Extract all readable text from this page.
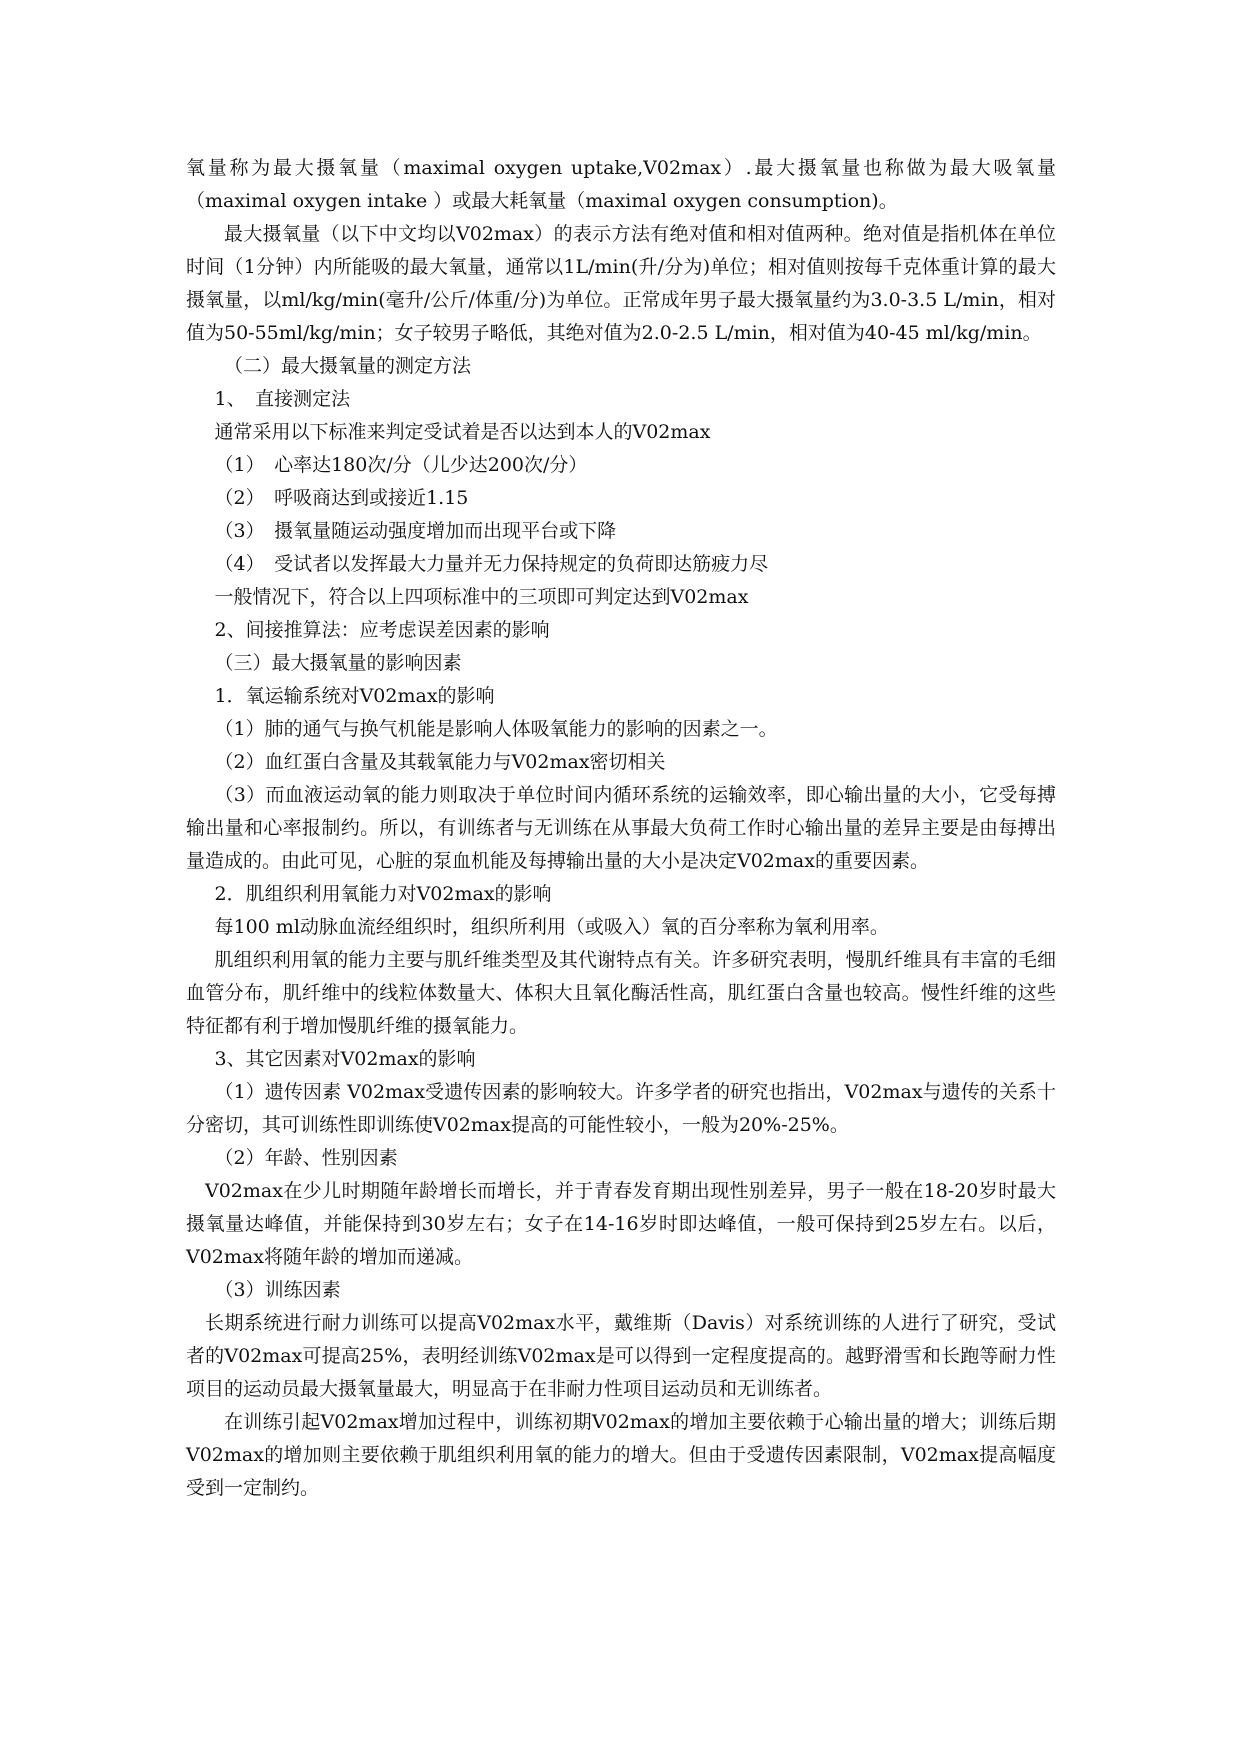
氧量称为最大摄氧量（maximal oxygen uptake,V02max）.最大摄氧量也称做为最大吸氧量（maximal oxygen intake ）或最大耗氧量（maximal oxygen consumption)。

最大摄氧量（以下中文均以V02max）的表示方法有绝对值和相对值两种。绝对值是指机体在单位时间（1分钟）内所能吸的最大氧量，通常以1L/min(升/分为)单位；相对值则按每千克体重计算的最大摄氧量，以ml/kg/min(毫升/公斤/体重/分)为单位。正常成年男子最大摄氧量约为3.0-3.5 L/min，相对值为50-55ml/kg/min；女子较男子略低，其绝对值为2.0-2.5 L/min，相对值为40-45 ml/kg/min。

（二）最大摄氧量的测定方法

1、　直接测定法

通常采用以下标准来判定受试着是否以达到本人的V02max

（1）　心率达180次/分（儿少达200次/分）

（2）　呼吸商达到或接近1.15

（3）　摄氧量随运动强度增加而出现平台或下降

（4）　受试者以发挥最大力量并无力保持规定的负荷即达筋疲力尽

一般情况下，符合以上四项标准中的三项即可判定达到V02max

2、间接推算法：应考虑误差因素的影响

（三）最大摄氧量的影响因素

1．氧运输系统对V02max的影响

（1）肺的通气与换气机能是影响人体吸氧能力的影响的因素之一。

（2）血红蛋白含量及其载氧能力与V02max密切相关

（3）而血液运动氧的能力则取决于单位时间内循环系统的运输效率，即心输出量的大小，它受每搏输出量和心率报制约。所以，有训练者与无训练在从事最大负荷工作时心输出量的差异主要是由每搏出量造成的。由此可见，心脏的泵血机能及每搏输出量的大小是决定V02max的重要因素。

2．肌组织利用氧能力对V02max的影响

每100 ml动脉血流经组织时，组织所利用（或吸入）氧的百分率称为氧利用率。

肌组织利用氧的能力主要与肌纤维类型及其代谢特点有关。许多研究表明，慢肌纤维具有丰富的毛细血管分布，肌纤维中的线粒体数量大、体积大且氧化酶活性高，肌红蛋白含量也较高。慢性纤维的这些特征都有利于增加慢肌纤维的摄氧能力。

3、其它因素对V02max的影响

（1）遗传因素 V02max受遗传因素的影响较大。许多学者的研究也指出，V02max与遗传的关系十分密切，其可训练性即训练使V02max提高的可能性较小，一般为20%-25%。

（2）年龄、性别因素

V02max在少儿时期随年龄增长而增长，并于青春发育期出现性别差异，男子一般在18-20岁时最大摄氧量达峰值，并能保持到30岁左右；女子在14-16岁时即达峰值，一般可保持到25岁左右。以后，V02max将随年龄的增加而递减。

（3）训练因素

长期系统进行耐力训练可以提高V02max水平，戴维斯（Davis）对系统训练的人进行了研究，受试者的V02max可提高25%，表明经训练V02max是可以得到一定程度提高的。越野滑雪和长跑等耐力性项目的运动员最大摄氧量最大，明显高于在非耐力性项目运动员和无训练者。

在训练引起V02max增加过程中，训练初期V02max的增加主要依赖于心输出量的增大；训练后期V02max的增加则主要依赖于肌组织利用氧的能力的增大。但由于受遗传因素限制，V02max提高幅度受到一定制约。
